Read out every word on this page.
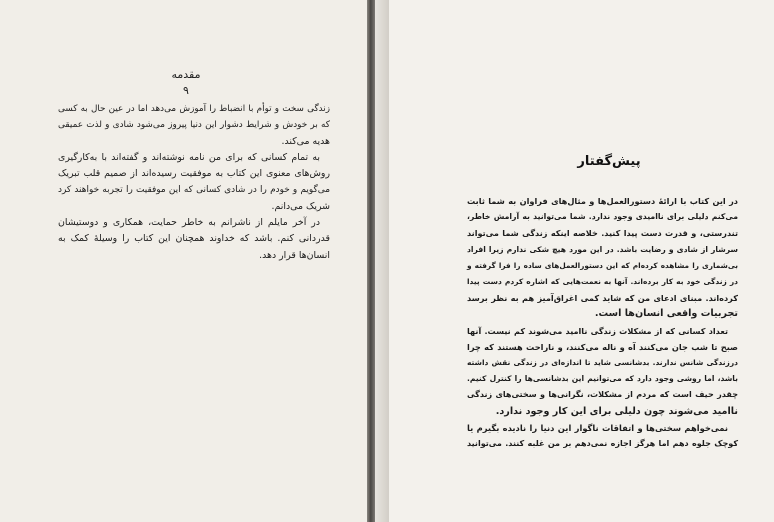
مقدمه
۹
زندگی سخت و توأم با انضباط را آموزش می‌دهد اما در عین حال به کسی
که بر خودش و شرایط دشوار این دنیا پیروز می‌شود شادی و لذت عمیقی
هدیه می‌کند.
به تمام کسانی که برای من نامه نوشته‌اند و گفته‌اند با به‌کارگیری
روش‌های معنوی این کتاب به موفقیت رسیده‌اند از صمیم قلب تبریک
می‌گویم و خودم را در شادی کسانی که این موفقیت را تجربه خواهند کرد
شریک می‌دانم.
در آخر مایلم از ناشرانم به خاطر حمایت، همکاری و دوستیشان
قدردانی کنم. باشد که خداوند همچنان این کتاب را وسیلهٔ کمک به
انسان‌ها قرار دهد.
پیش‌گفتار
در این کتاب با ارائهٔ دستورالعمل‌ها و مثال‌های فراوان به شما ثابت
می‌کنم دلیلی برای ناامیدی وجود ندارد. شما می‌توانید به آرامش خاطر،
تندرستی، و قدرت دست پیدا کنید. خلاصه اینکه زندگی شما می‌تواند
سرشار از شادی و رضایت باشد. در این مورد هیچ شکی ندارم زیرا افراد
بی‌شماری را مشاهده کرده‌ام که این دستورالعمل‌های ساده را فرا گرفته و
در زندگی خود به کار برده‌اند. آنها به نعمت‌هایی که اشاره کردم دست پیدا
کرده‌اند. مبنای ادعای من که شاید کمی اغراق‌آمیز هم به نظر برسد
تجربیات واقعی انسان‌ها است.
تعداد کسانی که از مشکلات زندگی ناامید می‌شوند کم نیست. آنها
صبح تا شب جان می‌کنند آه و ناله می‌کنند، و ناراحت هستند که چرا
درزندگی شانس ندارند. بدشانسی شاید تا اندازه‌ای در زندگی نقش داشته
باشد، اما روشی وجود دارد که می‌توانیم این بدشانسی‌ها را کنترل کنیم.
چقدر حیف است که مردم از مشکلات، نگرانی‌ها و سختی‌های زندگی
ناامید می‌شوند چون دلیلی برای این کار وجود ندارد.
نمی‌خواهم سختی‌ها و اتفاقات ناگوار این دنیا را نادیده بگیرم یا
کوچک جلوه دهم اما هرگز اجازه نمی‌دهم بر من غلبه کنند. می‌توانید
